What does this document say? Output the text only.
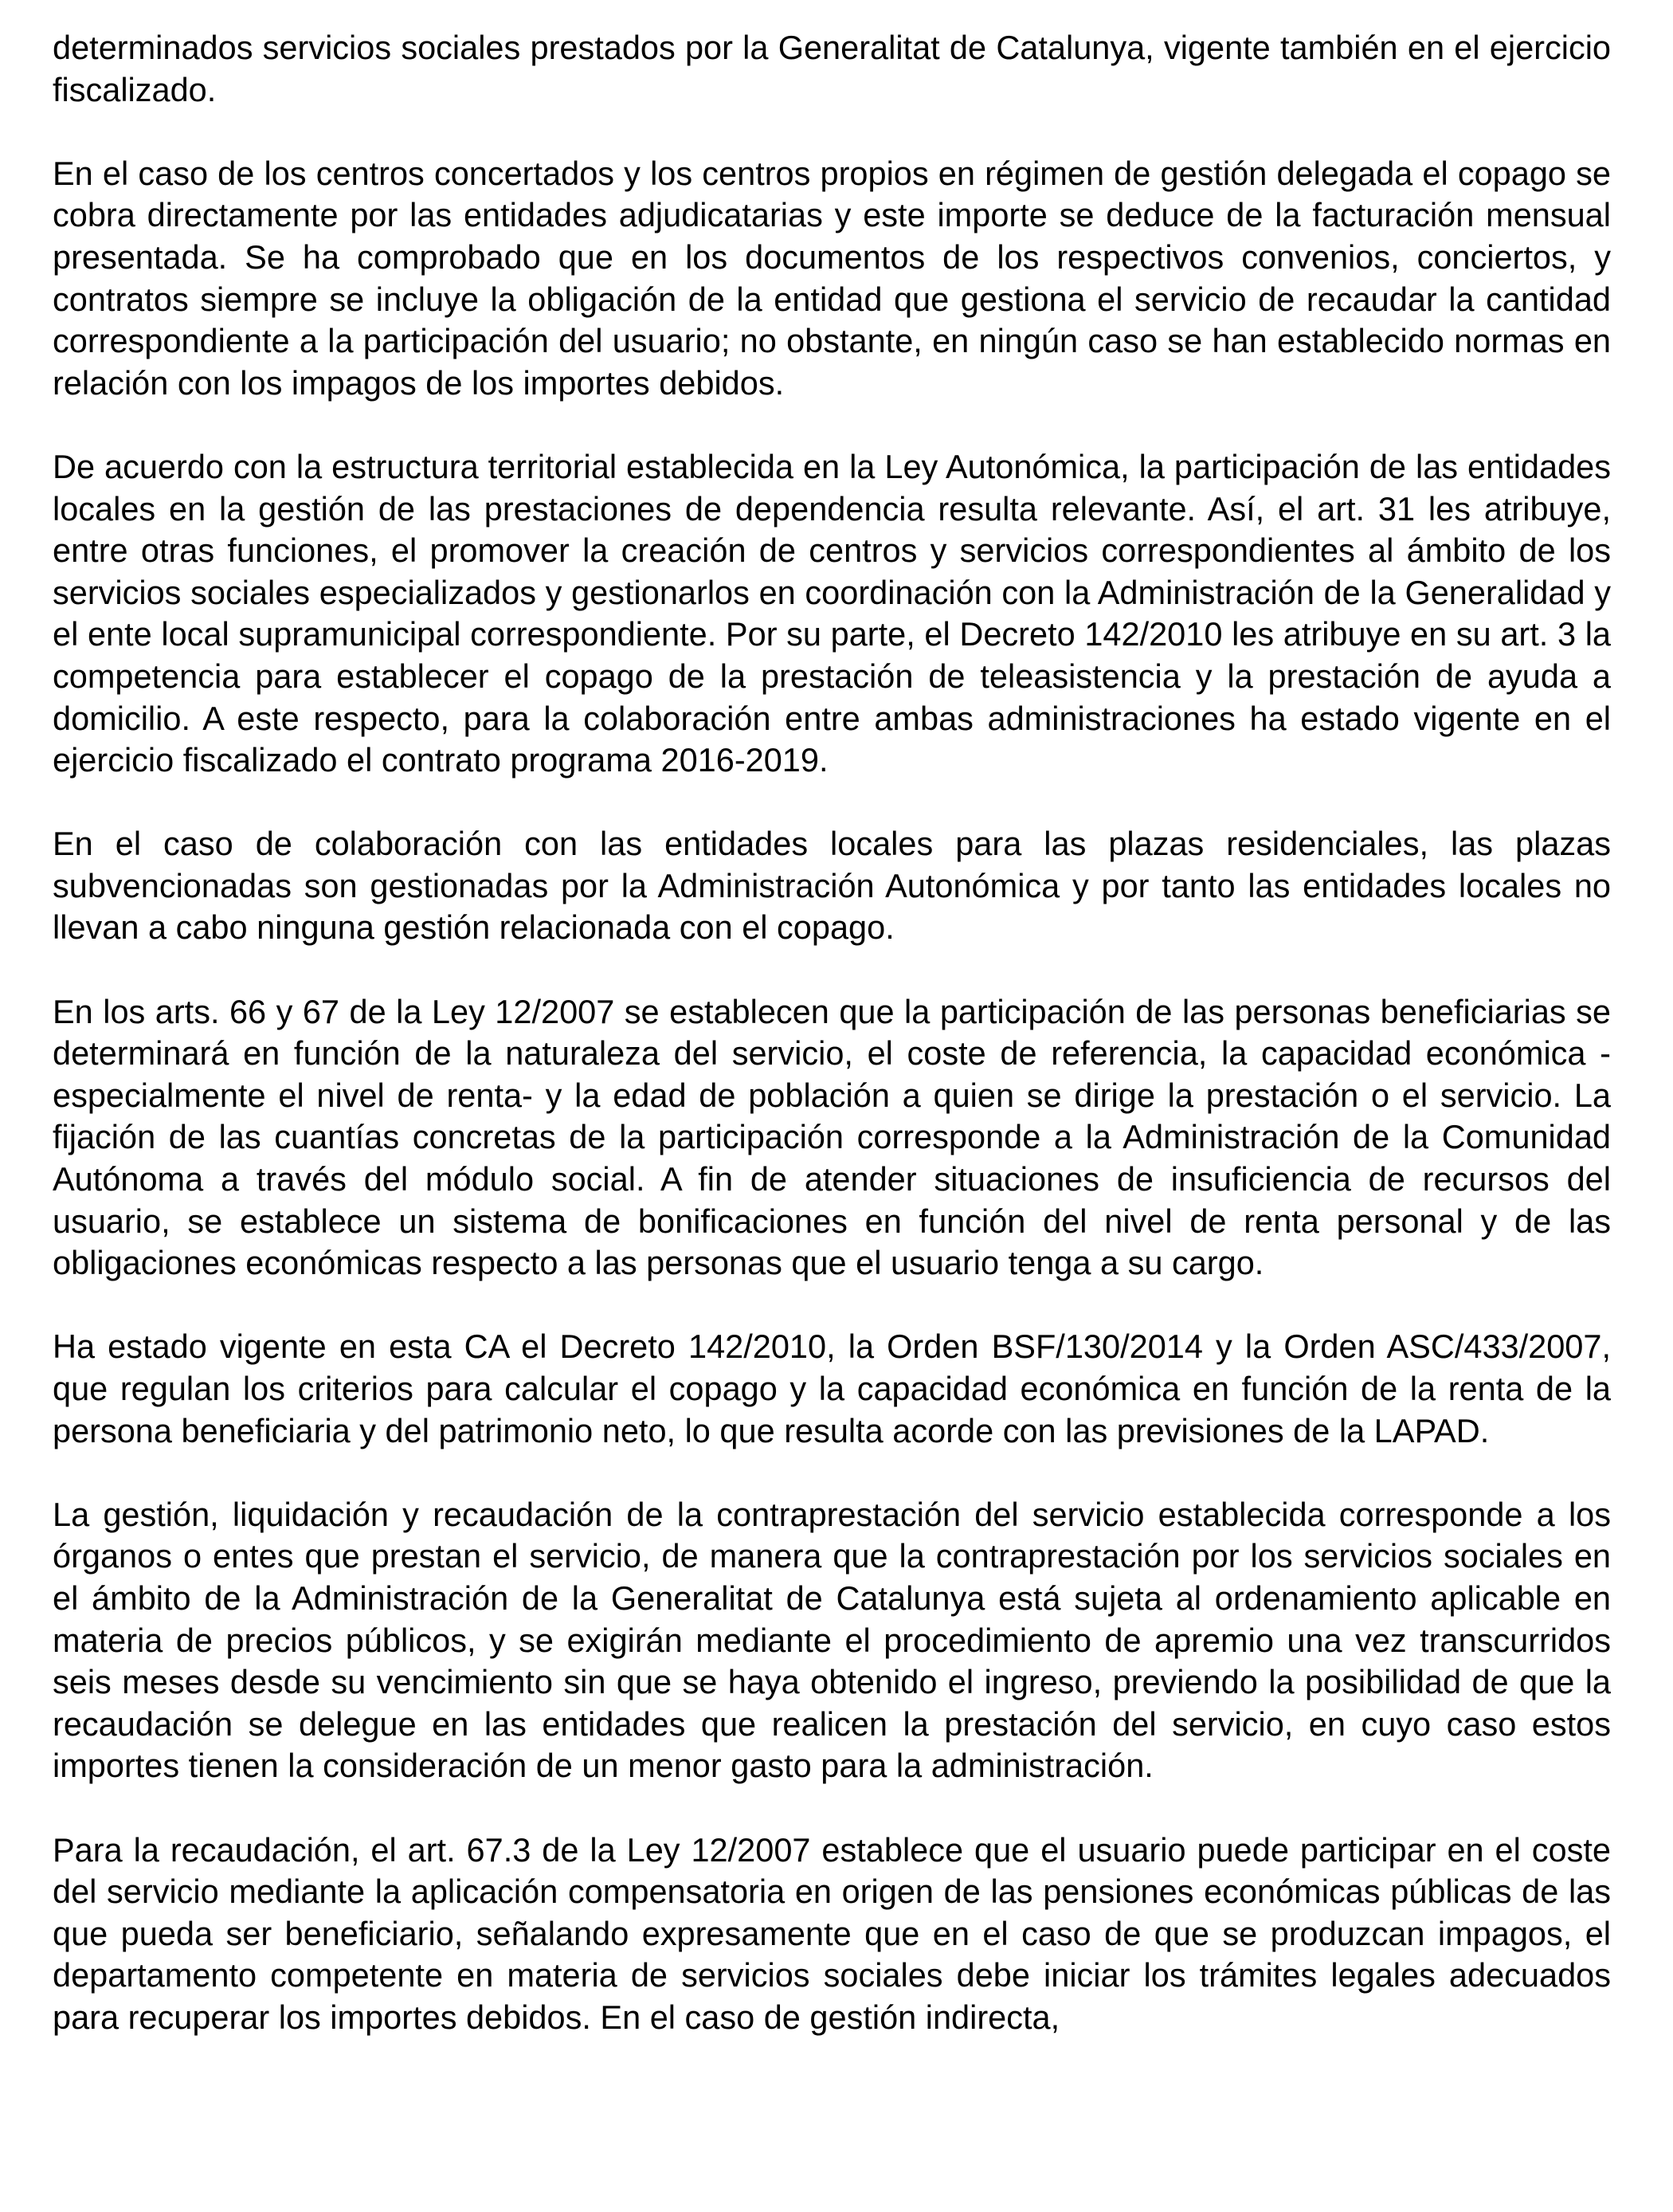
determinados servicios sociales prestados por la Generalitat de Catalunya, vigente también en el ejercicio fiscalizado.

En el caso de los centros concertados y los centros propios en régimen de gestión delegada el copago se cobra directamente por las entidades adjudicatarias y este importe se deduce de la facturación mensual presentada. Se ha comprobado que en los documentos de los respectivos convenios, conciertos, y contratos siempre se incluye la obligación de la entidad que gestiona el servicio de recaudar la cantidad correspondiente a la participación del usuario; no obstante, en ningún caso se han establecido normas en relación con los impagos de los importes debidos.

De acuerdo con la estructura territorial establecida en la Ley Autonómica, la participación de las entidades locales en la gestión de las prestaciones de dependencia resulta relevante. Así, el art. 31 les atribuye, entre otras funciones, el promover la creación de centros y servicios correspondientes al ámbito de los servicios sociales especializados y gestionarlos en coordinación con la Administración de la Generalidad y el ente local supramunicipal correspondiente. Por su parte, el Decreto 142/2010 les atribuye en su art. 3 la competencia para establecer el copago de la prestación de teleasistencia y la prestación de ayuda a domicilio. A este respecto, para la colaboración entre ambas administraciones ha estado vigente en el ejercicio fiscalizado el contrato programa 2016-2019.

En el caso de colaboración con las entidades locales para las plazas residenciales, las plazas subvencionadas son gestionadas por la Administración Autonómica y por tanto las entidades locales no llevan a cabo ninguna gestión relacionada con el copago.

En los arts. 66 y 67 de la Ley 12/2007 se establecen que la participación de las personas beneficiarias se determinará en función de la naturaleza del servicio, el coste de referencia, la capacidad económica -especialmente el nivel de renta- y la edad de población a quien se dirige la prestación o el servicio. La fijación de las cuantías concretas de la participación corresponde a la Administración de la Comunidad Autónoma a través del módulo social. A fin de atender situaciones de insuficiencia de recursos del usuario, se establece un sistema de bonificaciones en función del nivel de renta personal y de las obligaciones económicas respecto a las personas que el usuario tenga a su cargo.

Ha estado vigente en esta CA el Decreto 142/2010, la Orden BSF/130/2014 y la Orden ASC/433/2007, que regulan los criterios para calcular el copago y la capacidad económica en función de la renta de la persona beneficiaria y del patrimonio neto, lo que resulta acorde con las previsiones de la LAPAD.

La gestión, liquidación y recaudación de la contraprestación del servicio establecida corresponde a los órganos o entes que prestan el servicio, de manera que la contraprestación por los servicios sociales en el ámbito de la Administración de la Generalitat de Catalunya está sujeta al ordenamiento aplicable en materia de precios públicos, y se exigirán mediante el procedimiento de apremio una vez transcurridos seis meses desde su vencimiento sin que se haya obtenido el ingreso, previendo la posibilidad de que la recaudación se delegue en las entidades que realicen la prestación del servicio, en cuyo caso estos importes tienen la consideración de un menor gasto para la administración.

Para la recaudación, el art. 67.3 de la Ley 12/2007 establece que el usuario puede participar en el coste del servicio mediante la aplicación compensatoria en origen de las pensiones económicas públicas de las que pueda ser beneficiario, señalando expresamente que en el caso de que se produzcan impagos, el departamento competente en materia de servicios sociales debe iniciar los trámites legales adecuados para recuperar los importes debidos. En el caso de gestión indirecta,
